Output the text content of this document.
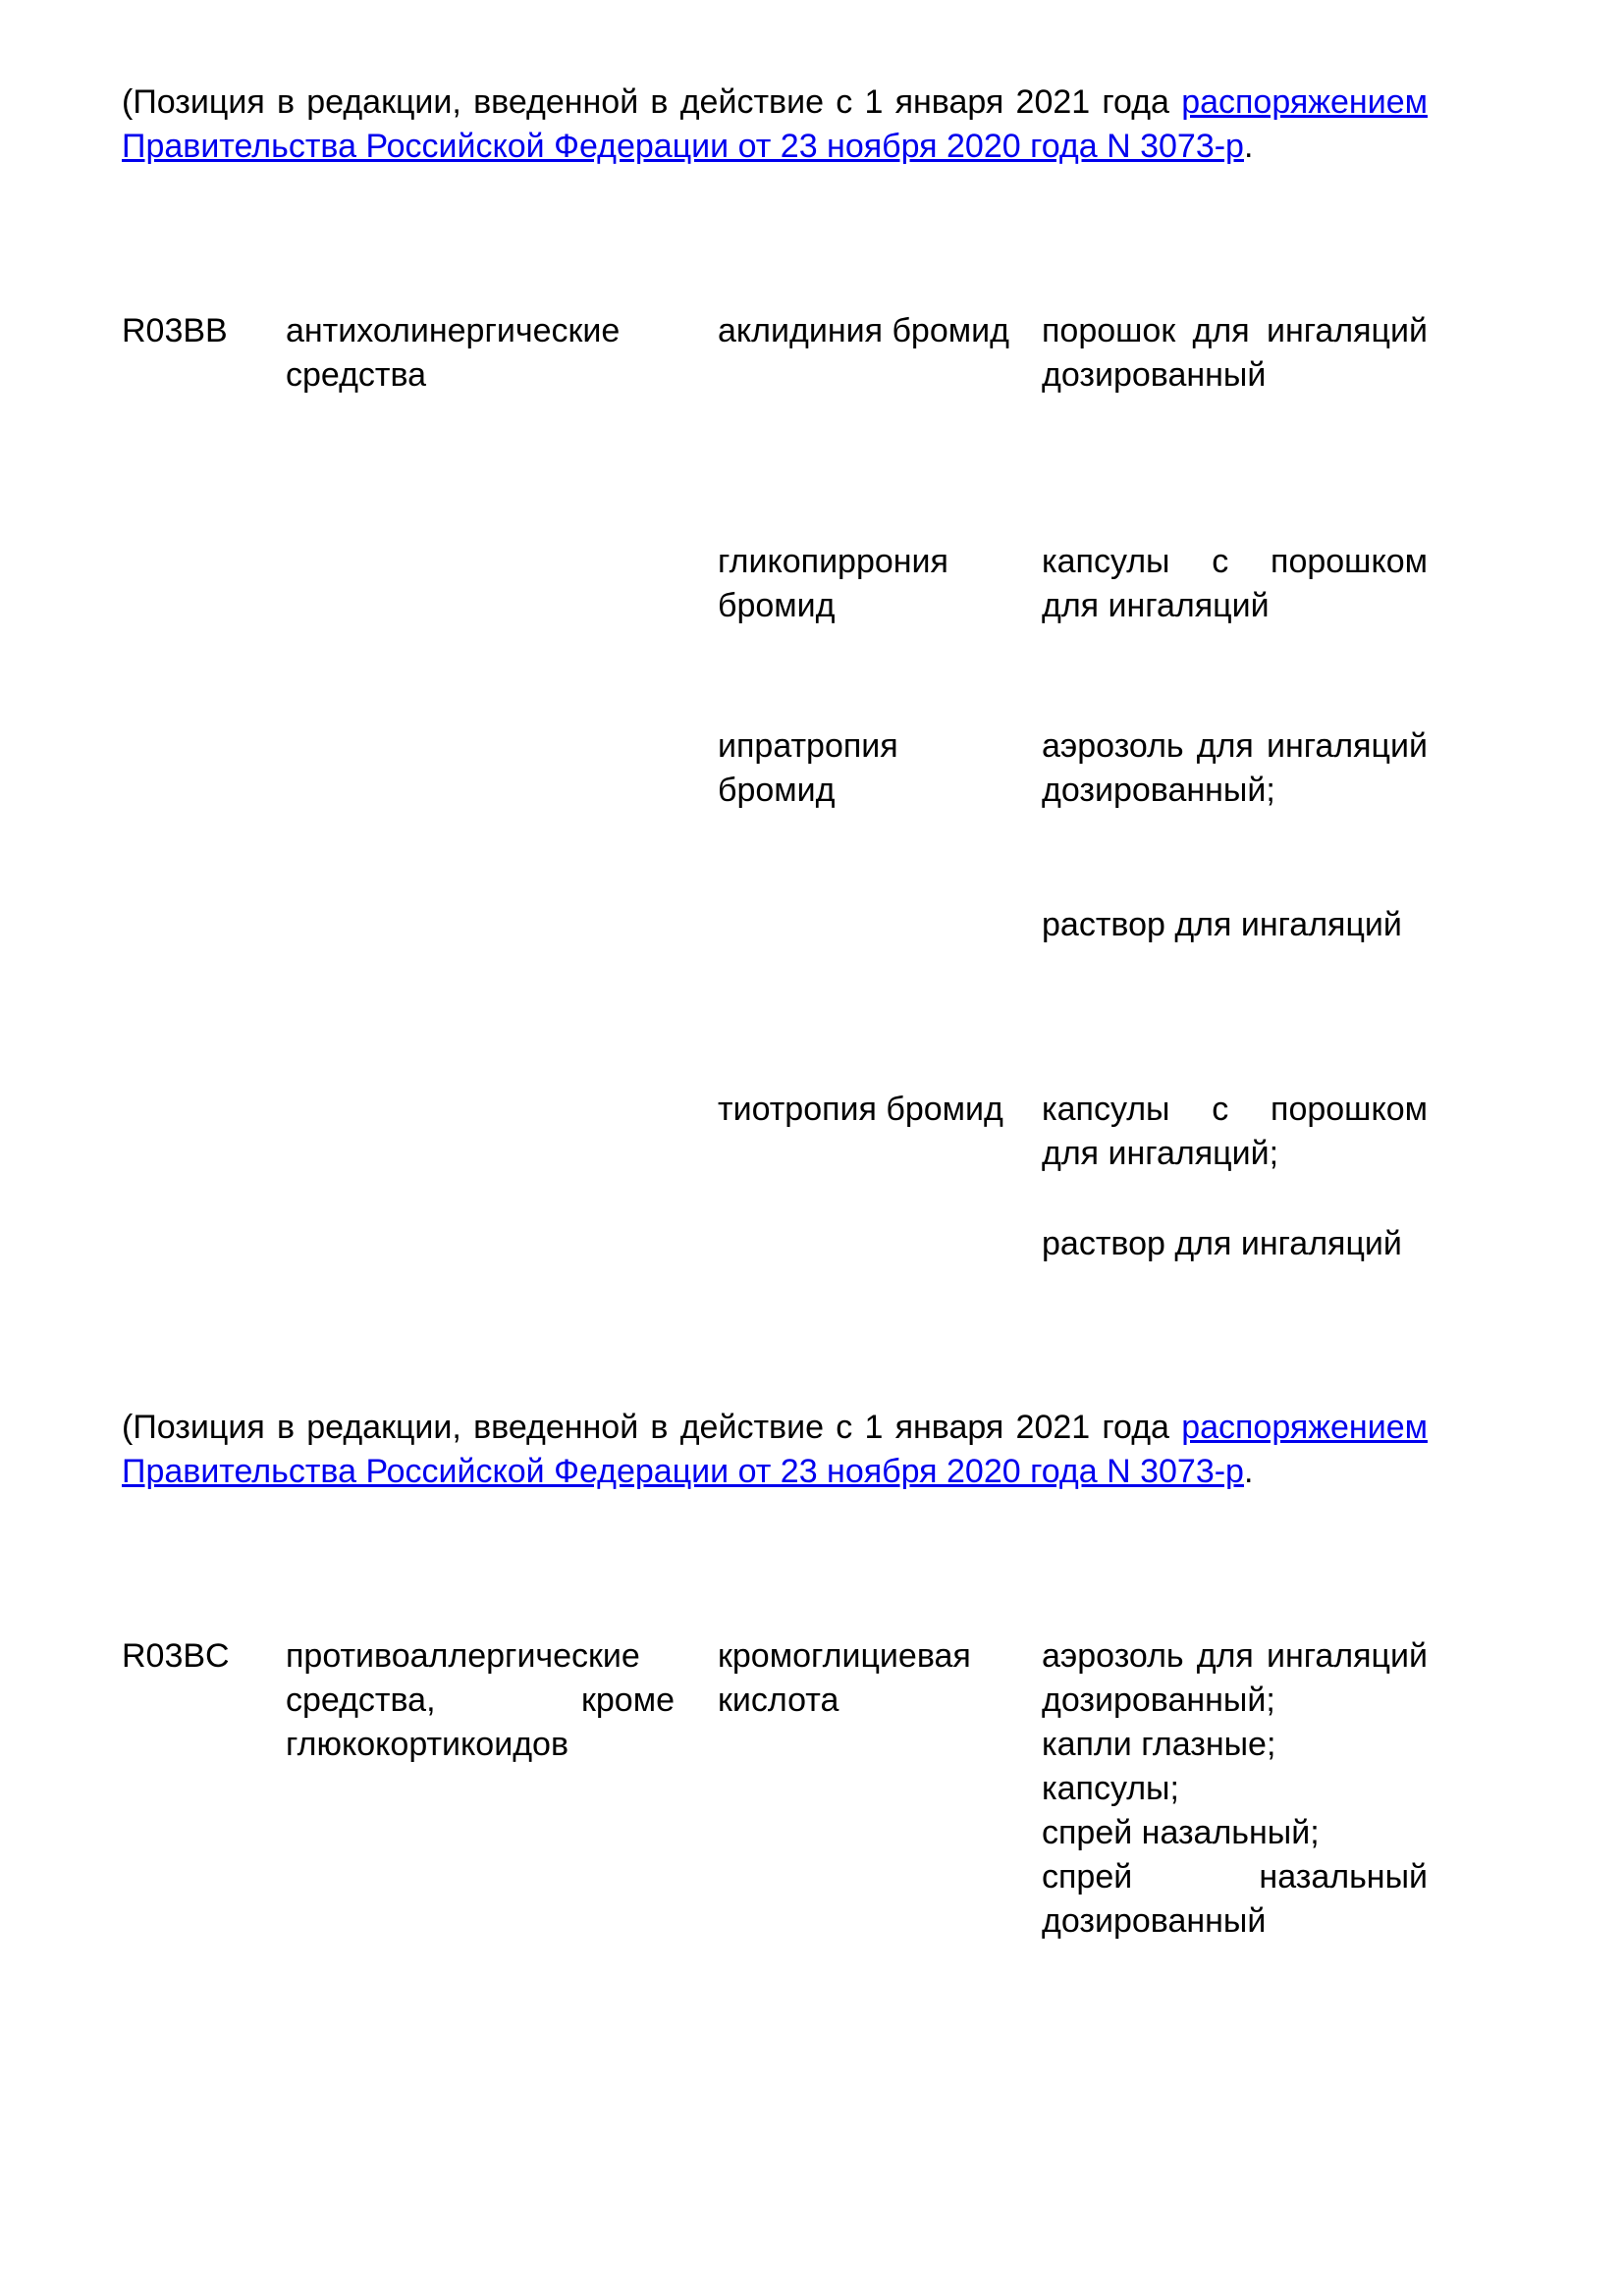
(Позиция в редакции, введенной в действие с 1 января 2021 года распоряжением Правительства Российской Федерации от 23 ноября 2020 года N 3073-р.
R03BB	антихолинергические средства
аклидиния бромид порошок для ингаляций дозированный
гликопиррония бромид
капсулы с порошком для ингаляций
ипратропия бромид
аэрозоль для ингаляций дозированный;
раствор для ингаляций
тиотропия бромид капсулы с порошком для ингаляций;
раствор для ингаляций
(Позиция в редакции, введенной в действие с 1 января 2021 года распоряжением Правительства Российской Федерации от 23 ноября 2020 года N 3073-р.
R03BC	противоаллергические средства, кроме глюкокортикоидов
кромоглициевая кислота
аэрозоль для ингаляций дозированный;
капли глазные;
капсулы;
спрей назальный;
спрей назальный дозированный
